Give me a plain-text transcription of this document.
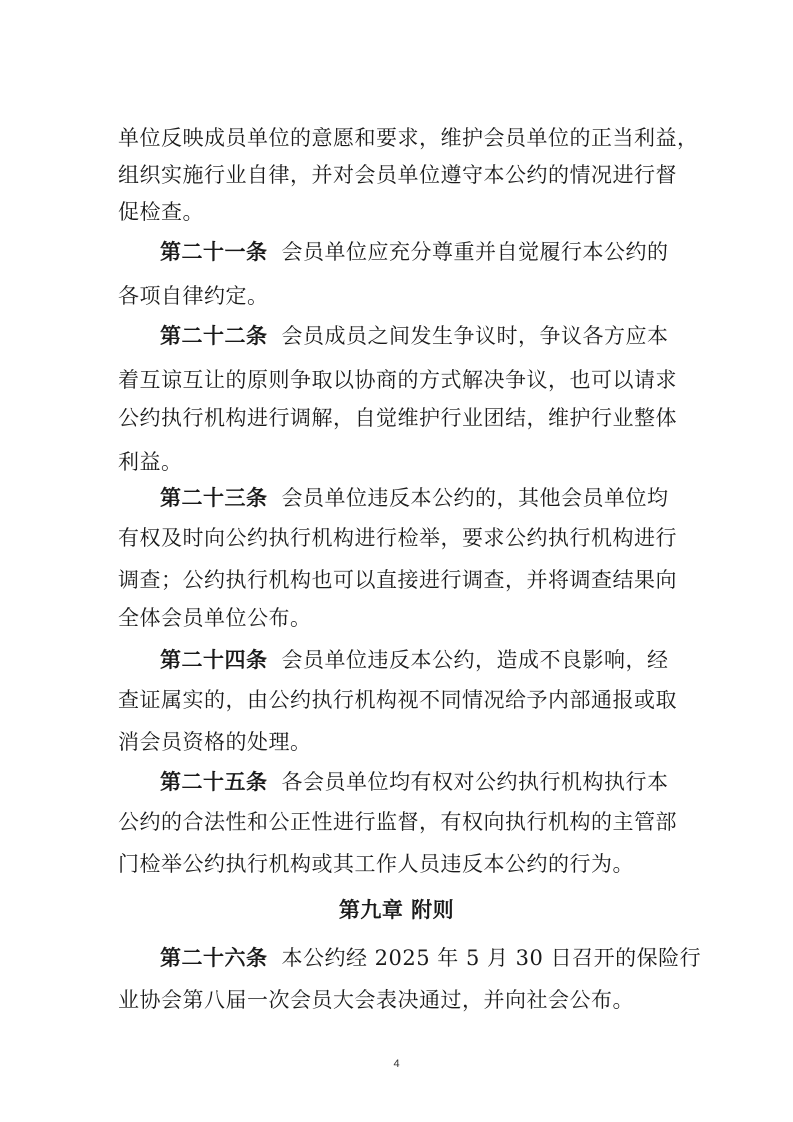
单位反映成员单位的意愿和要求，维护会员单位的正当利益，
组织实施行业自律，并对会员单位遵守本公约的情况进行督
促检查。
第二十一条 会员单位应充分尊重并自觉履行本公约的
各项自律约定。
第二十二条 会员成员之间发生争议时，争议各方应本
着互谅互让的原则争取以协商的方式解决争议，也可以请求
公约执行机构进行调解，自觉维护行业团结，维护行业整体
利益。
第二十三条 会员单位违反本公约的，其他会员单位均
有权及时向公约执行机构进行检举，要求公约执行机构进行
调查；公约执行机构也可以直接进行调查，并将调查结果向
全体会员单位公布。
第二十四条 会员单位违反本公约，造成不良影响，经
查证属实的，由公约执行机构视不同情况给予内部通报或取
消会员资格的处理。
第二十五条 各会员单位均有权对公约执行机构执行本
公约的合法性和公正性进行监督，有权向执行机构的主管部
门检举公约执行机构或其工作人员违反本公约的行为。
第九章 附则
第二十六条 本公约经 2025 年 5 月 30 日召开的保险行
业协会第八届一次会员大会表决通过，并向社会公布。
4
